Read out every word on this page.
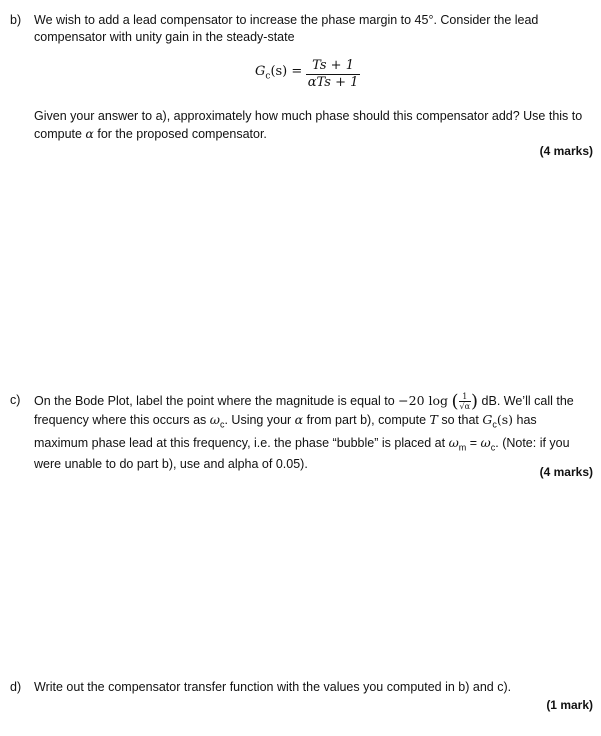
b)	We wish to add a lead compensator to increase the phase margin to 45°. Consider the lead
compensator with unity gain in the steady-state
$G_c(s) = \frac{Ts + 1}{\text{αTs + 1}}$
Given your answer to a), approximately how much phase should this compensator add? Use this to
compute α for the proposed compensator.
(4 marks)
c)	On the Bode Plot, label the point where the magnitude is equal to −20 log ( $\frac{1}{√\alpha}$ ) dB. We’ll call the
frequency where this occurs as $\omega_c$. Using your α from part b), compute T so that $G_c(s)$ has
maximum phase lead at this frequency, i.e. the phase “bubble” is placed at $\omega_m = \omega_c$. (Note: if you
were unable to do part b), use and alpha of 0.05).
(4 marks)
d)	Write out the compensator transfer function with the values you computed in b) and c).
(1 mark)
